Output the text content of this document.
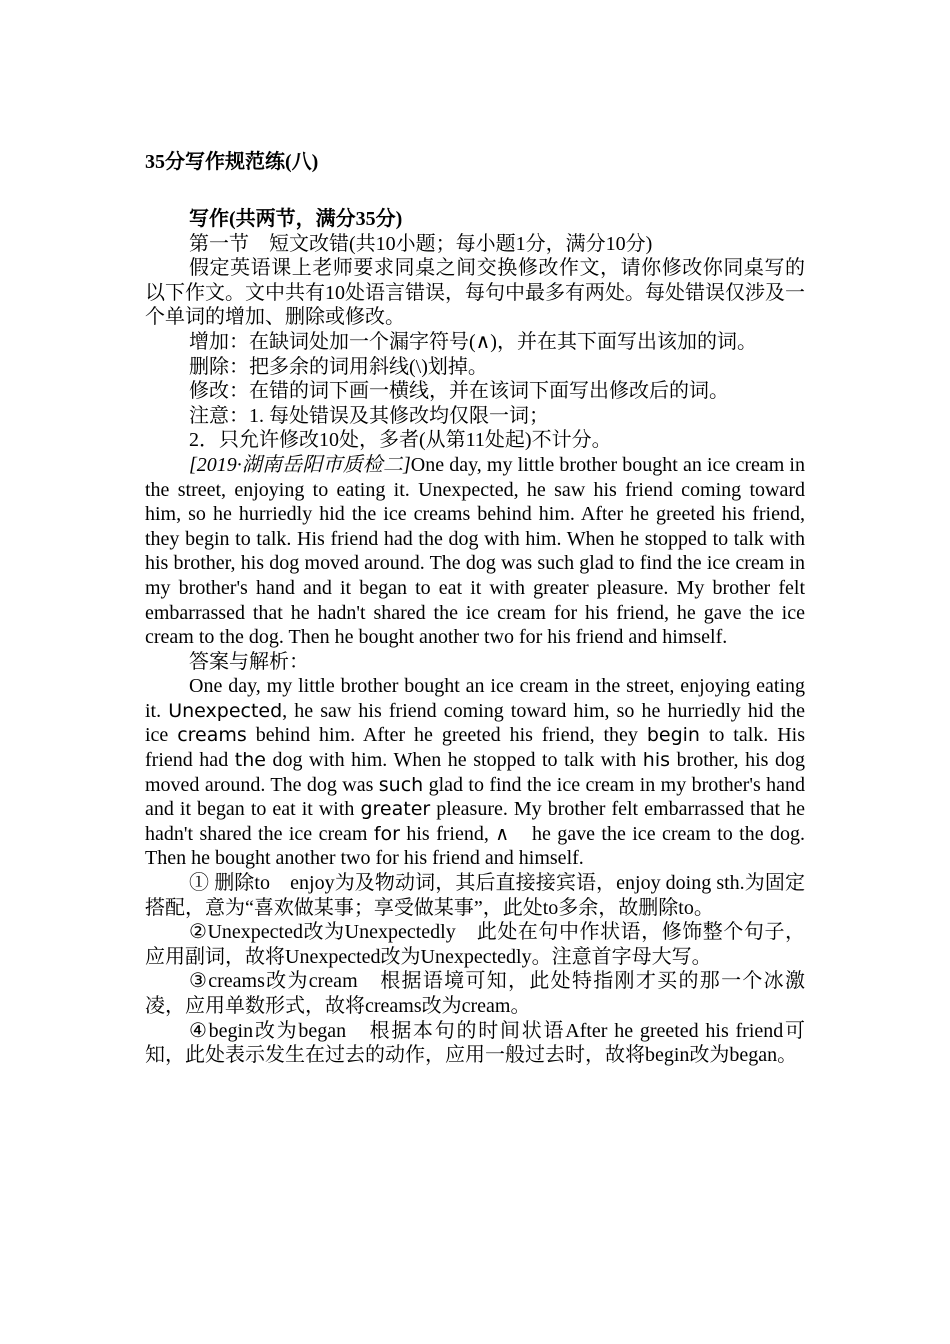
35分写作规范练(八)

写作(共两节，满分35分)

第一节　短文改错(共10小题；每小题1分，满分10分)

假定英语课上老师要求同桌之间交换修改作文，请你修改你同桌写的以下作文。文中共有10处语言错误，每句中最多有两处。每处错误仅涉及一个单词的增加、删除或修改。

增加：在缺词处加一个漏字符号(∧)，并在其下面写出该加的词。

删除：把多余的词用斜线(\)划掉。

修改：在错的词下画一横线，并在该词下面写出修改后的词。

注意：1. 每处错误及其修改均仅限一词；

2．只允许修改10处，多者(从第11处起)不计分。

[2019·湖南岳阳市质检二]One day, my little brother bought an ice cream in the street, enjoying to eating it. Unexpected, he saw his friend coming toward him, so he hurriedly hid the ice creams behind him. After he greeted his friend, they begin to talk. His friend had the dog with him. When he stopped to talk with his brother, his dog moved around. The dog was such glad to find the ice cream in my brother's hand and it began to eat it with greater pleasure. My brother felt embarrassed that he hadn't shared the ice cream for his friend, he gave the ice cream to the dog. Then he bought another two for his friend and himself.

答案与解析：

One day, my little brother bought an ice cream in the street, enjoying eating it. Unexpected, he saw his friend coming toward him, so he hurriedly hid the ice creams behind him. After he greeted his friend, they begin to talk. His friend had the dog with him. When he stopped to talk with his brother, his dog moved around. The dog was such glad to find the ice cream in my brother's hand and it began to eat it with greater pleasure. My brother felt embarrassed that he hadn't shared the ice cream for his friend, ∧　he gave the ice cream to the dog. Then he bought another two for his friend and himself.

① 删除to　enjoy为及物动词，其后直接接宾语，enjoy doing sth.为固定搭配，意为“喜欢做某事；享受做某事”，此处to多余，故删除to。

②Unexpected改为Unexpectedly　此处在句中作状语，修饰整个句子，应用副词，故将Unexpected改为Unexpectedly。注意首字母大写。

③creams改为cream　根据语境可知，此处特指刚才买的那一个冰激凌，应用单数形式，故将creams改为cream。

④begin改为began　根据本句的时间状语After he greeted his friend可知，此处表示发生在过去的动作，应用一般过去时，故将begin改为began。
